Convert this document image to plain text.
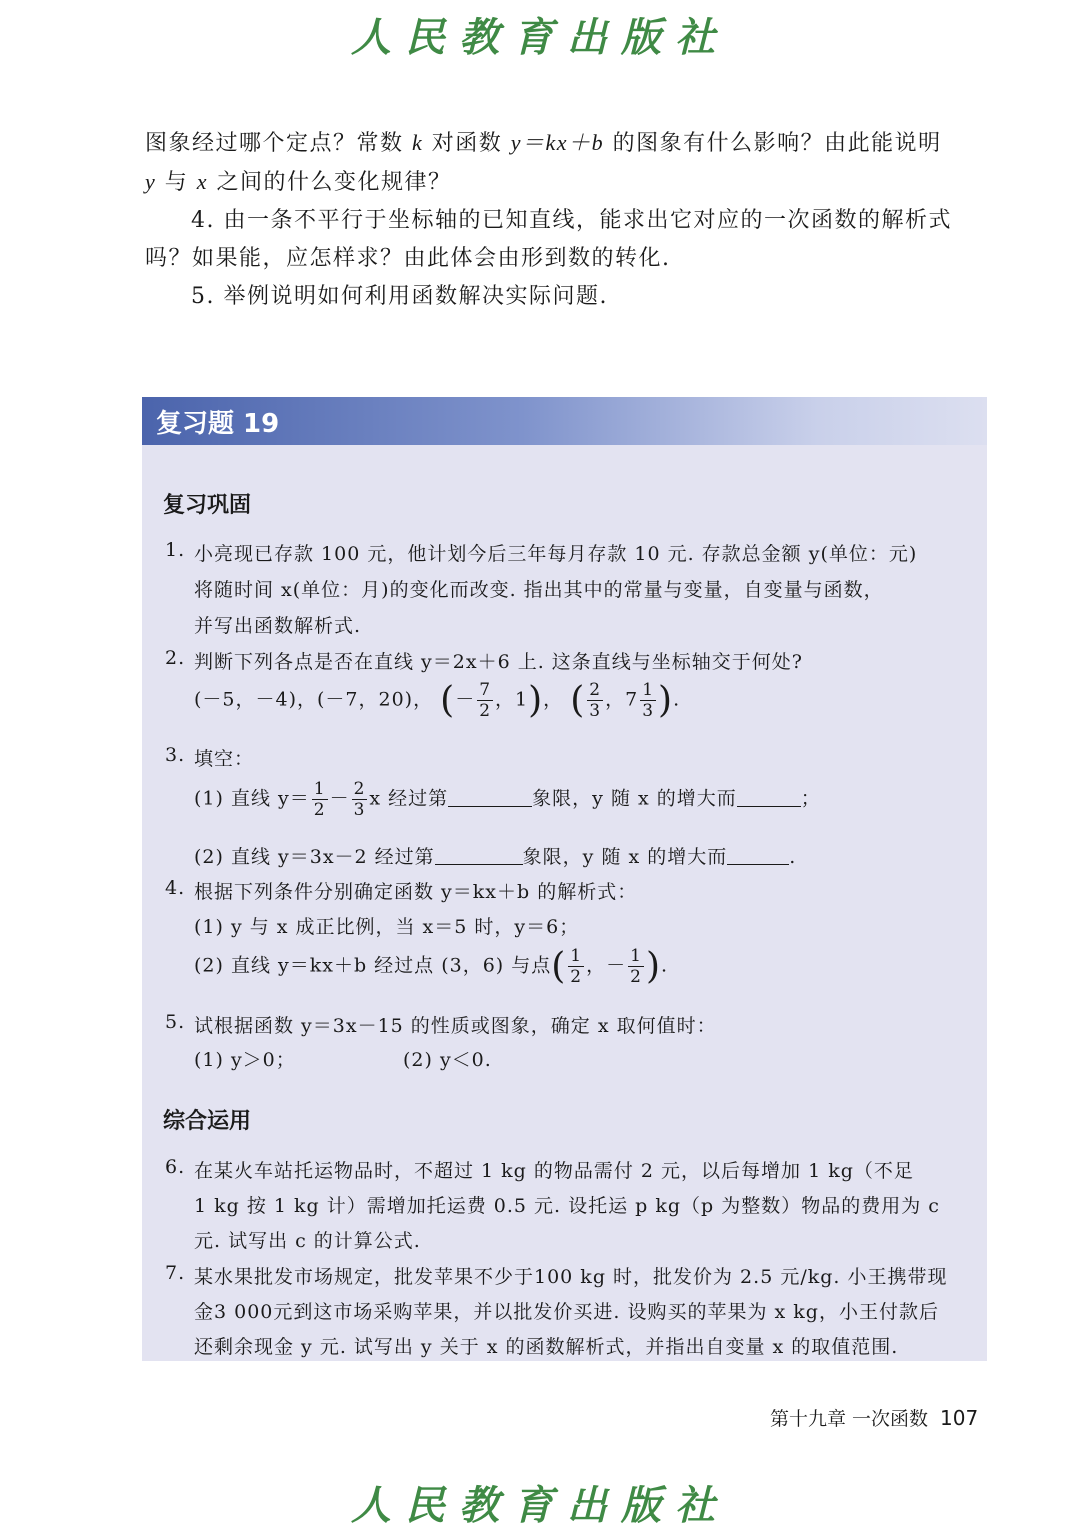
人民教育出版社

图象经过哪个定点？常数 k 对函数 y＝kx＋b 的图象有什么影响？由此能说明

y 与 x 之间的什么变化规律？

4. 由一条不平行于坐标轴的已知直线，能求出它对应的一次函数的解析式

吗？如果能，应怎样求？由此体会由形到数的转化.

5. 举例说明如何利用函数解决实际问题.

复习题 19
复习巩固
1. 小亮现已存款 100 元，他计划今后三年每月存款 10 元. 存款总金额 y(单位：元)
将随时间 x(单位：月)的变化而改变. 指出其中的常量与变量，自变量与函数，
并写出函数解析式.
2. 判断下列各点是否在直线 y＝2x＋6 上. 这条直线与坐标轴交于何处?
(－5，－4)，(－7，20)， (－ $\frac{7}{2}$ ，1)， ( $\frac{2}{3}$ ，$7 \frac{1}{3}$ ).
3. 填空：
(1) 直线 $y= \frac{1}{2} - \frac{2}{3}$ x 经过第	象限，y 随 x 的增大而	；
(2) 直线 y＝3x－2 经过第	象限，y 随 x 的增大而	.
4. 根据下列条件分别确定函数 y＝kx＋b 的解析式：
(1) y 与 x 成正比例，当 x＝5 时，y＝6；
(2) 直线 y＝kx＋b 经过点 (3，6) 与点( $\frac{1}{2}$ ，－ $\frac{1}{2}$ ).
5. 试根据函数 y＝3x－15 的性质或图象，确定 x 取何值时：
(1) y＞0；	(2) y＜0.
综合运用
6. 在某火车站托运物品时，不超过 1 kg 的物品需付 2 元，以后每增加 1 kg（不足
1 kg 按 1 kg 计）需增加托运费 0.5 元. 设托运 p kg（p 为整数）物品的费用为 c
元. 试写出 c 的计算公式.
7. 某水果批发市场规定，批发苹果不少于100 kg 时，批发价为 2.5 元/kg. 小王携带现
金3 000元到这市场采购苹果，并以批发价买进. 设购买的苹果为 x kg，小王付款后
还剩余现金 y 元. 试写出 y 关于 x 的函数解析式，并指出自变量 x 的取值范围.
第十九章 一次函数 107
人民教育出版社
